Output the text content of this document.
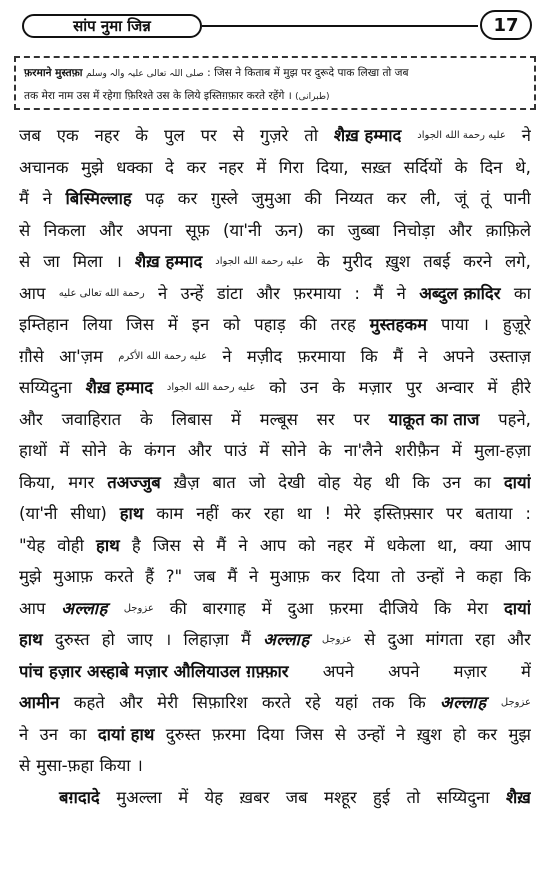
सांप नुमा जिन्न	17
फ़रमाने मुस्तफ़ा صلی اللہ تعالی علیہ والہ وسلم : जिस ने किताब में मुझ पर दुरूदे पाक लिखा तो जब
तक मेरा नाम उस में रहेगा फ़िरिश्ते उस के लिये इस्तिग़फ़ार करते रहेंगे । (طبرانی)
जब एक नहर के पुल पर से गुज़रे तो शैख़ हम्माद عليه رحمة الله الجواد ने
अचानक मुझे धक्का दे कर नहर में गिरा दिया, सख़्त सर्दियों के दिन थे,
मैं ने बिस्मिल्लाह पढ़ कर ग़ुस्ले जुमुआ की निय्यत कर ली, जूं तूं पानी
से निकला और अपना सूफ़ (या'नी ऊन) का जुब्बा निचोड़ा और क़ाफ़िले
से जा मिला । शैख़ हम्माद عليه رحمة الله الجواد के मुरीद ख़ुश तबई करने लगे,
आप رحمة الله تعالى عليه ने उन्हें डांटा और फ़रमाया : मैं ने अब्दुल क़ादिर का
इम्तिहान लिया जिस में इन को पहाड़ की तरह मुस्तहकम पाया । हुज़ूरे
ग़ौसे आ'ज़म عليه رحمة الله الأكرم ने मज़ीद फ़रमाया कि मैं ने अपने उस्ताज़
सय्यिदुना शैख़ हम्माद عليه رحمة الله الجواد को उन के मज़ार पुर अन्वार में हीरे
और जवाहिरात के लिबास में मल्बूस सर पर याक़ूत का ताज पहने,
हाथों में सोने के कंगन और पाउं में सोने के ना'लैने शरीफ़ैन में मुला-हज़ा
किया, मगर तअज्जुब ख़ैज़ बात जो देखी वोह येह थी कि उन का दायां
(या'नी सीधा) हाथ काम नहीं कर रहा था ! मेरे इस्तिफ़्सार पर बताया :
"येह वोही हाथ है जिस से मैं ने आप को नहर में धकेला था, क्या आप
मुझे मुआफ़ करते हैं ?" जब मैं ने मुआफ़ कर दिया तो उन्हों ने कहा कि
आप अल्लाह عزوجل की बारगाह में दुआ फ़रमा दीजिये कि मेरा दायां
हाथ दुरुस्त हो जाए । लिहाज़ा मैं अल्लाह عزوجل से दुआ मांगता रहा और
पांच हज़ार अस्हाबे मज़ार औलियाउल ग़फ़्फ़ार अपने अपने मज़ार में
आमीन कहते और मेरी सिफ़ारिश करते रहे यहां तक कि अल्लाह عزوجل
ने उन का दायां हाथ दुरुस्त फ़रमा दिया जिस से उन्हों ने ख़ुश हो कर मुझ
से मुसा-फ़हा किया ।
बग़दादे मुअल्ला में येह ख़बर जब मश्हूर हुई तो सय्यिदुना शैख़
